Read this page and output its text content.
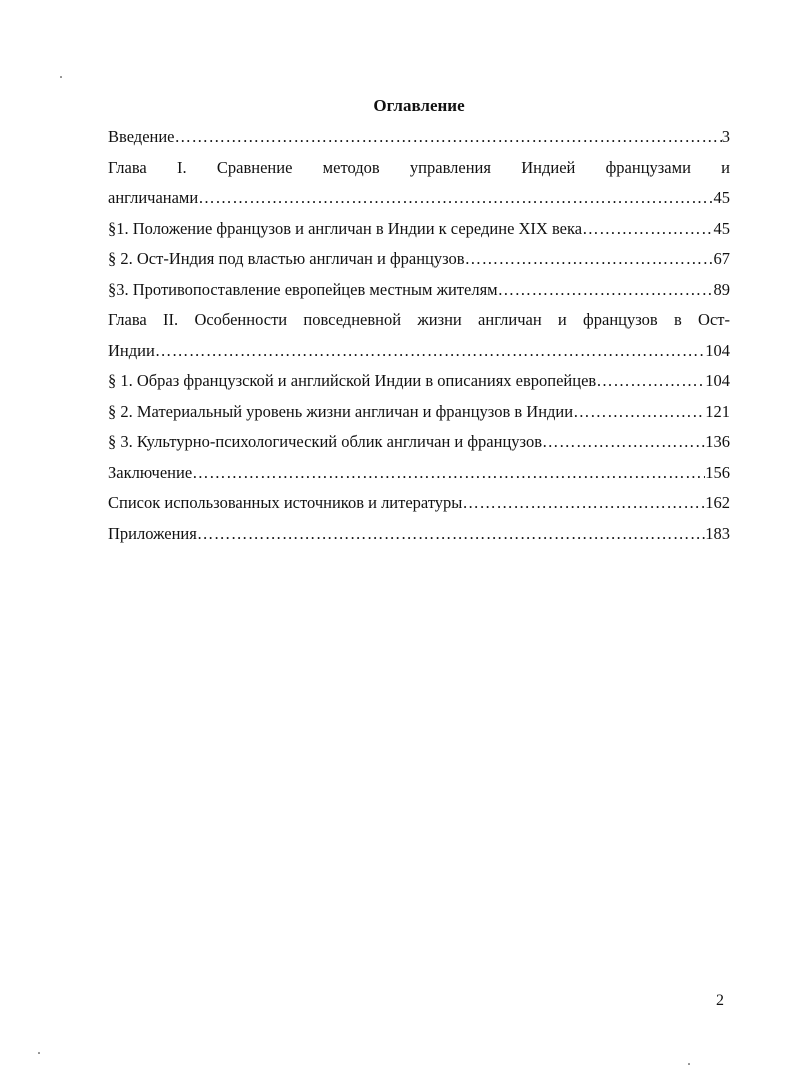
Оглавление
Введение ……………………………………………………………………………………………………………………………………………………………………………………………………	3
Глава I. Сравнение методов управления Индией французами и
англичанами ……………………………………………………………………………………………………………………………………………………………………………………………………	45
§1. Положение французов и англичан в Индии к середине XIX века ……………………………………………………………………………………………………………………………………………………………………………………………………	45
§ 2. Ост-Индия под властью англичан и французов ……………………………………………………………………………………………………………………………………………………………………………………………………	67
§3. Противопоставление европейцев местным жителям ……………………………………………………………………………………………………………………………………………………………………………………………………	89
Глава II. Особенности повседневной жизни англичан и французов в Ост-
Индии ……………………………………………………………………………………………………………………………………………………………………………………………………	104
§ 1. Образ французской и английской Индии в описаниях европейцев ……………………………………………………………………………………………………………………………………………………………………………………………………	104
§ 2. Материальный уровень жизни англичан и французов в Индии ……………………………………………………………………………………………………………………………………………………………………………………………………	121
§ 3. Культурно-психологический облик англичан и французов ……………………………………………………………………………………………………………………………………………………………………………………………………	136
Заключение ……………………………………………………………………………………………………………………………………………………………………………………………………	156
Список использованных источников и литературы ……………………………………………………………………………………………………………………………………………………………………………………………………	162
Приложения ……………………………………………………………………………………………………………………………………………………………………………………………………	183
2
